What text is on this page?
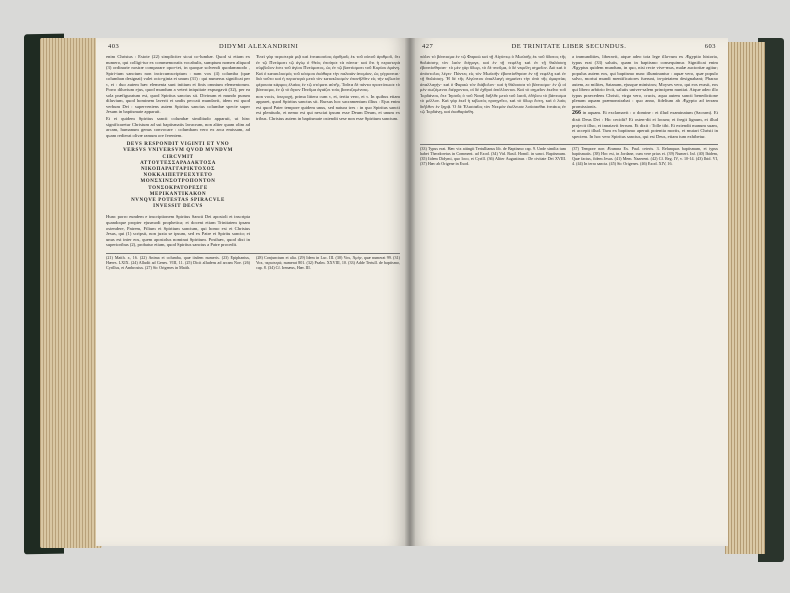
403	DIDYMI ALEXANDRINI

enim Christus : Estote (22) simpliciter sicut co-lumbæ. Quod si etiam ex numero, qui colligi-tur ex commemoratis vocabulis, sumptum nomen aliquod (3) ordinarie nostræ comparare opor-tet, in quoque solvendi quodammodo , Spiri-tum sanctum non incircumscriptum : nam vox (4) columba (quæ columban designat) valet octo-ginta et unum (31) : qui numerus significat per τ, et : duo autem hæc elementa sunt initium et finis omnium elementorum. Porro diluvium ejus, quod mundum a veteri iniquitate expurgavit (32), per ea sola præfiguratum est, quod Spiritus sanctus sit. Divinum et mundo purum diluvium, quod hominem laverit et undis peccati mundavit, idem est quod verbum Dei : superveniens autem Spiritus sanctus columbæ specie super Jesum in baptismate apparuit.

Et ei quidem Spiritus sancti columbæ similitudo apparuit, ut hinc significaretur Christum ad sui baptismatis lavacrum, non aliter quam olim ad arcam, humanum genus convocare : columbam vero ex arca emissam, ad quam redierat olivæ ramum ore ferentem.

DEVS RESPONDIT VIGINTI ET VNO
VERSVS VNIVERSVM QVOD MVNDVM
CIRCVMIT
ΑΤΤΟΥΤΕΣΣΑΡΑΔΑΚΤΟΣΑ
ΝΙΚΟΠΑΡΑΓΓΑΡΙΚΤΟΧΟΣ
ΝΟΚΚΑΙΠΕΤΡΕΕΧΥΕΤΟ
ΜΟΝΣΧΙΝΣΟΤΡΟΠΟΝΤΟΝ
ΤΟΝΣΟΚΡΑΤΟΡΕΣΓΕ
ΜΕΡΙΚΑΝΤΙΚΑΚΟΝ
NVNQVE POTESTAS SPIRACVLE
INVESSIT DECVS

Hunc porro eundem e inscriptionem Spiritus Sancti Dei apostoli et inscripta quandoque propter ejusmodi prophetica; et docent etiam Trinitatem ipsam ostendere, Patrem, Filium et Spiritum sanctum, qui homo est et Christus Jesus, qui (1) scripsit, non juxta se ipsum, sed ex Patre et Spiritu sancto; et unus est inter eos, quem apostolus nominat Spiritum. Posthæc, quod dixi in superioribus (2), probatur etiam, quod Spiritus sanctus a Patre procedit.

Ἐπεὶ γὰρ περιστερὰ μιᾷ καὶ ἑπτακοσίοις ἀριθμοῖς ἐκ τοῦ αὐτοῦ ἀριθμοῦ, ὅτι ἐν τῷ Πνεύματι τῷ ἁγίῳ ὁ Θεὸς ἐποίησε τὰ πάντα· καὶ ὅτι ἡ περιστερὰ σύμβολον ἐστι τοῦ ἁγίου Πνεύματος, ὡς ἐν τῷ βαπτίσματι τοῦ Κυρίου ἐφάνη. Καὶ ὁ κατακλυσμὸς τοῦ κόσμου ἐκάθαρε τὴν παλαιὰν ἀνομίαν, ὡς γέγραπται· διὰ τοῦτο καὶ ἡ περιστερὰ μετὰ τὸν κατακλυσμὸν ἐπανῆλθεν εἰς τὴν κιβωτὸν φέρουσα κάρφος ἐλαίας ἐν τῷ στόματι αὐτῆς. Ταῦτα δὲ πάντα προετύπωσε τὸ βάπτισμα, ἐν ᾧ τὸ ἅγιον Πνεῦμα ἁγιάζει τοὺς βαπτιζομένους.

non vocis, ὑπεροχὴ, prima littera cum τ, et, tertia vero, et τ. In quibus etiam apparet, quod Spiritus sanctus sit. Rursus hoc sacramentum illius : Ejus enim est quod Pater tempore quidem unus, sed natura tres : in quo Spiritus sancti est plenitudo, et nemo est qui nesciat ipsum esse Deum Deum, et unum ex tribus. Christus autem in baptismate ostendit sese non esse Spiritum sanctum.

(21) Matth. x, 16. (22) Anima et columba, quæ iisdem numeris. (23) Epiphanius, Hæres. LXIX. (24) Alludit ad Genes. VIII, 11. (25) Dicit alludens ad arcam Noe. (26) Cyrillus, et Ambrosius. (27) Sic Origenes in Matth.
(28) Conjunctum et alia. (29) Idem in Luc. III. (30) Vox, Ἀμὴν, quæ numerat 99. (31) Vox, περιστερὰ, numerat 801. (32) Psalm. XXVIII, 10. (33) Adde Tertull. de baptismo, cap. 8. (34) Cf. Irenæus, Hær. III.
427	DE TRINITATE LIBER SECUNDUS.	603

πάλιν τὸ βάπτισμα ἐν τῷ Φαραὼ καὶ τῇ Αἰγύπτῳ ὁ Μωϋσῆς ἐκ τοῦ ὕδατος τῆς θαλάσσης τὸν λαὸν διήγαγε, καὶ ἐν τῇ νεφέλῃ καὶ ἐν τῇ θαλάσσῃ ἐβαπτίσθησαν· τὸ μὲν γὰρ ὕδωρ, τὸ δὲ πνεῦμα, ὁ δὲ νεφέλη σημεῖον. Διὸ καὶ ὁ ἀπόστολος λέγει· Πάντες εἰς τὸν Μωϋσῆν ἐβαπτίσθησαν ἐν τῇ νεφέλῃ καὶ ἐν τῇ θαλάσσῃ. Ἡ δὲ τῆς Αἰγύπτου ἀπαλλαγὴ σημαίνει τὴν ἀπὸ τῆς ἁμαρτίας ἀπαλλαγήν· καὶ ὁ Φαραὼ τὸν διάβολον· καὶ ἡ θάλασσα τὸ βάπτισμα· ἐν ᾧ οἱ μὲν σωζόμενοι διέρχονται, οἱ δὲ ἐχθροὶ ἀπόλλυνται. Καὶ τὸ σημεῖον ἐκεῖνο τοῦ Ἰορδάνου, ὅτε Ἰησοῦς ὁ τοῦ Ναυῆ διῆλθε μετὰ τοῦ λαοῦ, ἐδήλου τὸ βάπτισμα τὸ μέλλον. Καὶ γὰρ ἐκεῖ ἡ κιβωτὸς προηγεῖτο, καὶ τὸ ὕδωρ ἔστη, καὶ ὁ λαὸς διῆλθεν ἐν ξηρᾷ. Ὁ δὲ Ἐλισσαῖος τὸν Νεεμὰν ἐκέλευσε λούσασθαι ἑπτάκις ἐν τῷ Ἰορδάνῃ, καὶ ἐκαθαρίσθη.

a immundities, liberavit, atque adeo tota lege illa-rum ex Ægyptio historia, typus erat (33) salutis, quam in baptismo consequimur. Significat enim Ægyptus quidem mundum, in quo, nisi recte vive-mus, malæ auctoritæ agitur; populus autem eos, qui baptismo nunc illuminantur : aquæ vero, quæ populo salvo, mortui mundi mentificatores fuerunt, in-pietatem designabant; Pharao autem, ac milites, Satanam, ejusque ministros; Moyses vero, qui eos evasit, eos qui libero arbitrio fecit, salutis univer-salem principem nuntiat. Atque adeo illo typus praecedens Christi, virga vero, crucis, aqua autem sancti benedictione plenam aquam præmonstrabat : quo anno, fidelium ab Ægypto ad terram promissionis.

266 in aquam. Et exclamavit : o domine : et illud examinatum (Sacram). Et dixit Deus Dei : Hic cecidit? Et osten-dit ei locum; et fregit lignum, et illud projecit illuc, et innatavit ferrum. Et dixit : Tolle tibi. Et extendit manum suam, et accepit illud. Tum ex baptismo aperuit potentia mortis, et mutari Christi in speciem. In hoc vero Spiritus sanctus, qui est Deus, etiam tum exhibetur.

(33) Typus erat. Hæc vix attingit Tertullianus lib. de Baptismo cap. 9. Unde similia tum habet Theodoretus in Comment. ad Exod. (34) Vid. Basil. Homil. in sanct. Baptismum. (35) Iidem Didymi, quo loco, et Cyrill. (36) Aliter Augustinus : De civitate Dei XVIII. (37) Hæc ab Origene in Exod.
(37) Tempore non Ærumna Ex. Paul. ceteris. 3. Relunquas baptismum, et typus baptismatis. (38) Hoc est, in Jordane, cum vere prius ei. (39) Numeri. Inf. (40) Ibidem, Quæ factus, fidem Jesus. (41) Mem. Nazerent. (42) Cf. Reg. IV, v. 10-14. (43) Ibid. VI, 4. (44) In terra sancta. (45) Sic Origenes. (46) Exod. XIV, 16.
